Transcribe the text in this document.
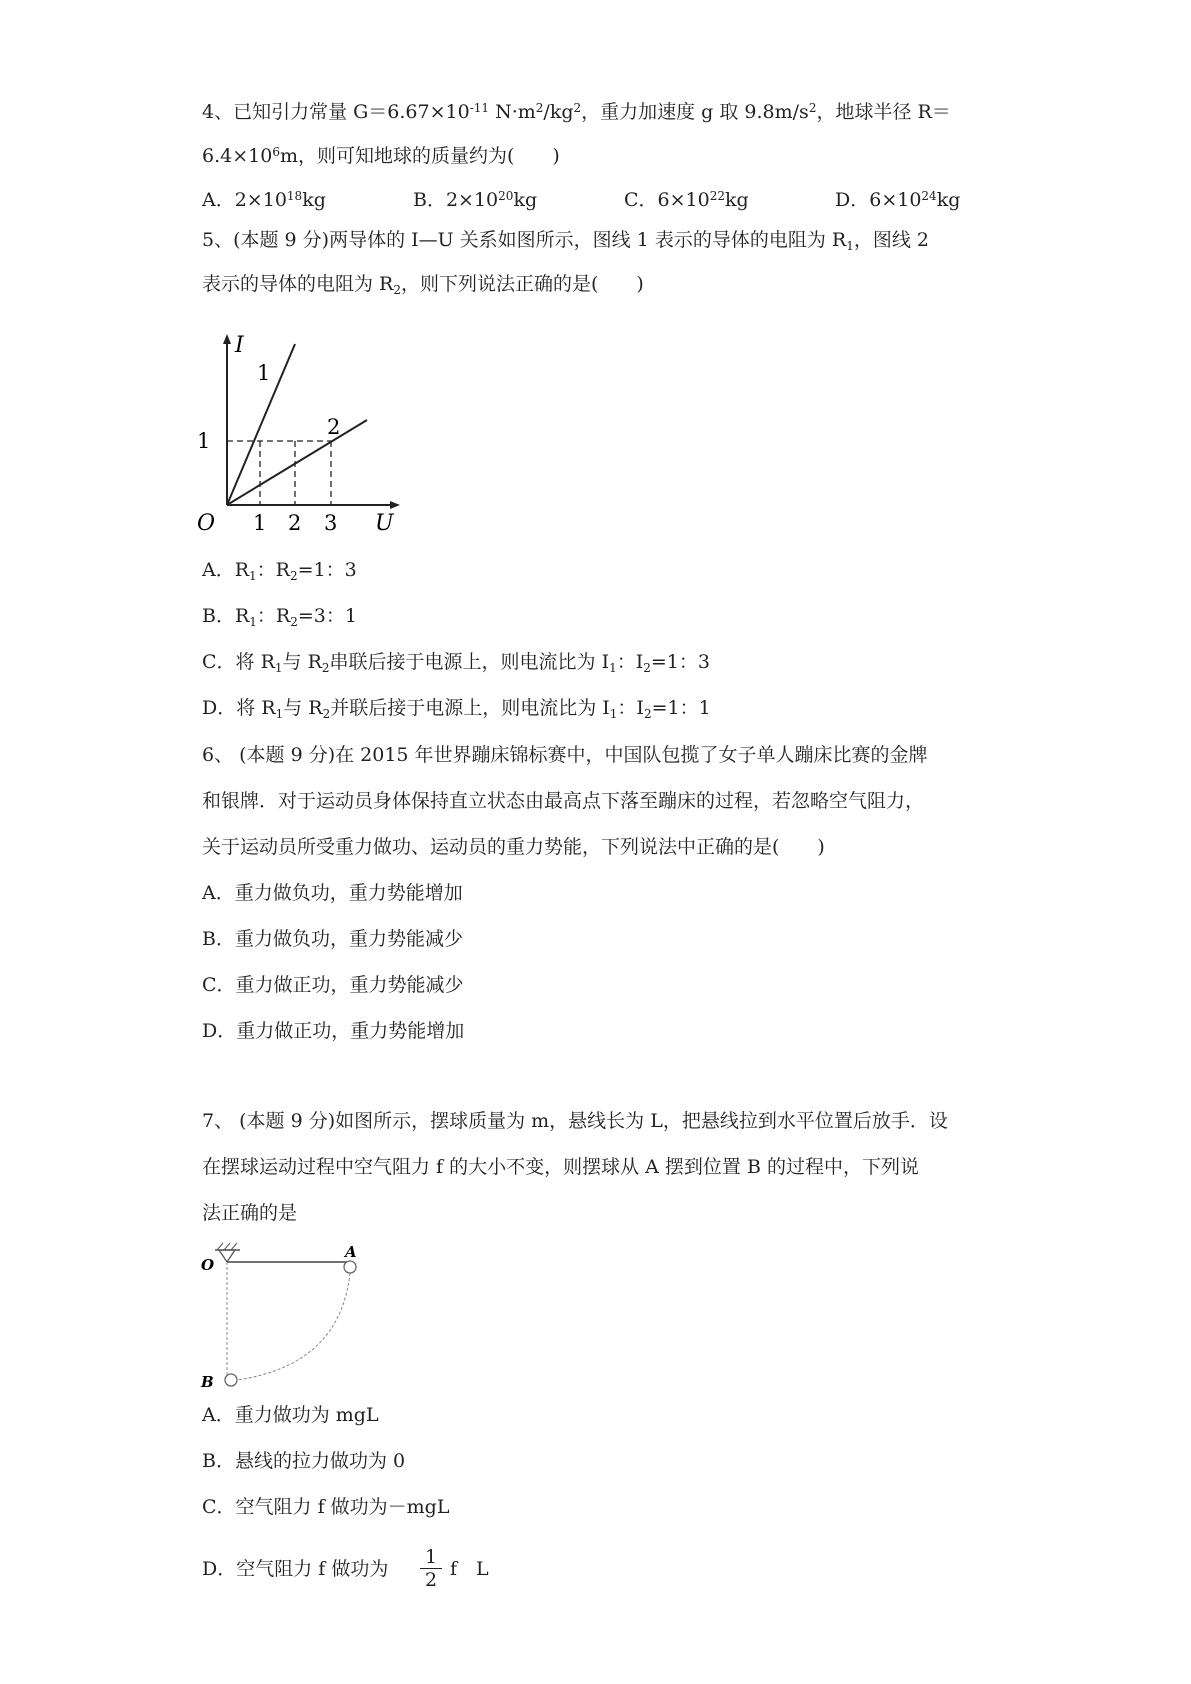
4、已知引力常量 $G=6.67\times 10^{-11}$ $N\cdot m^2/kg^2$，重力加速度 g 取 $9.8m/s^2$，地球半径 R＝
$6.4\times 10^6m$，则可知地球的质量约为(　　)
A．$2\times 10^{18}kg$	B．$2\times 10^{20}kg$	C．$6\times 10^{22}kg$	D．$6\times 10^{24}kg$
5、(本题 9 分)两导体的 I—U 关系如图所示，图线 1 表示的导体的电阻为 $R_1$，图线 2
表示的导体的电阻为 $R_2$，则下列说法正确的是(　　)
I
U
O
1
1 2 3
1
2
A．$R_1$：$R_2=1$：3
B．$R_1$：$R_2=3$：1
C．将 $R_1$与 $R_2$串联后接于电源上，则电流比为 $I_1$：$I_2=1$：3
D．将 $R_1$与 $R_2$并联后接于电源上，则电流比为 $I_1$：$I_2=1$：1
6、 (本题 9 分)在 2015 年世界蹦床锦标赛中，中国队包揽了女子单人蹦床比赛的金牌
和银牌．对于运动员身体保持直立状态由最高点下落至蹦床的过程，若忽略空气阻力，
关于运动员所受重力做功、运动员的重力势能，下列说法中正确的是(　　)
A．重力做负功，重力势能增加
B．重力做负功，重力势能减少
C．重力做正功，重力势能减少
D．重力做正功，重力势能增加
7、 (本题 9 分)如图所示，摆球质量为 m，悬线长为 L，把悬线拉到水平位置后放手．设
在摆球运动过程中空气阻力 f 的大小不变，则摆球从 A 摆到位置 B 的过程中，下列说
法正确的是
O
A
B
A．重力做功为 mgL
B．悬线的拉力做功为 0
C．空气阻力 f 做功为－mgL
D．空气阻力 f 做功为 $\frac{1}{2}$ f　L
